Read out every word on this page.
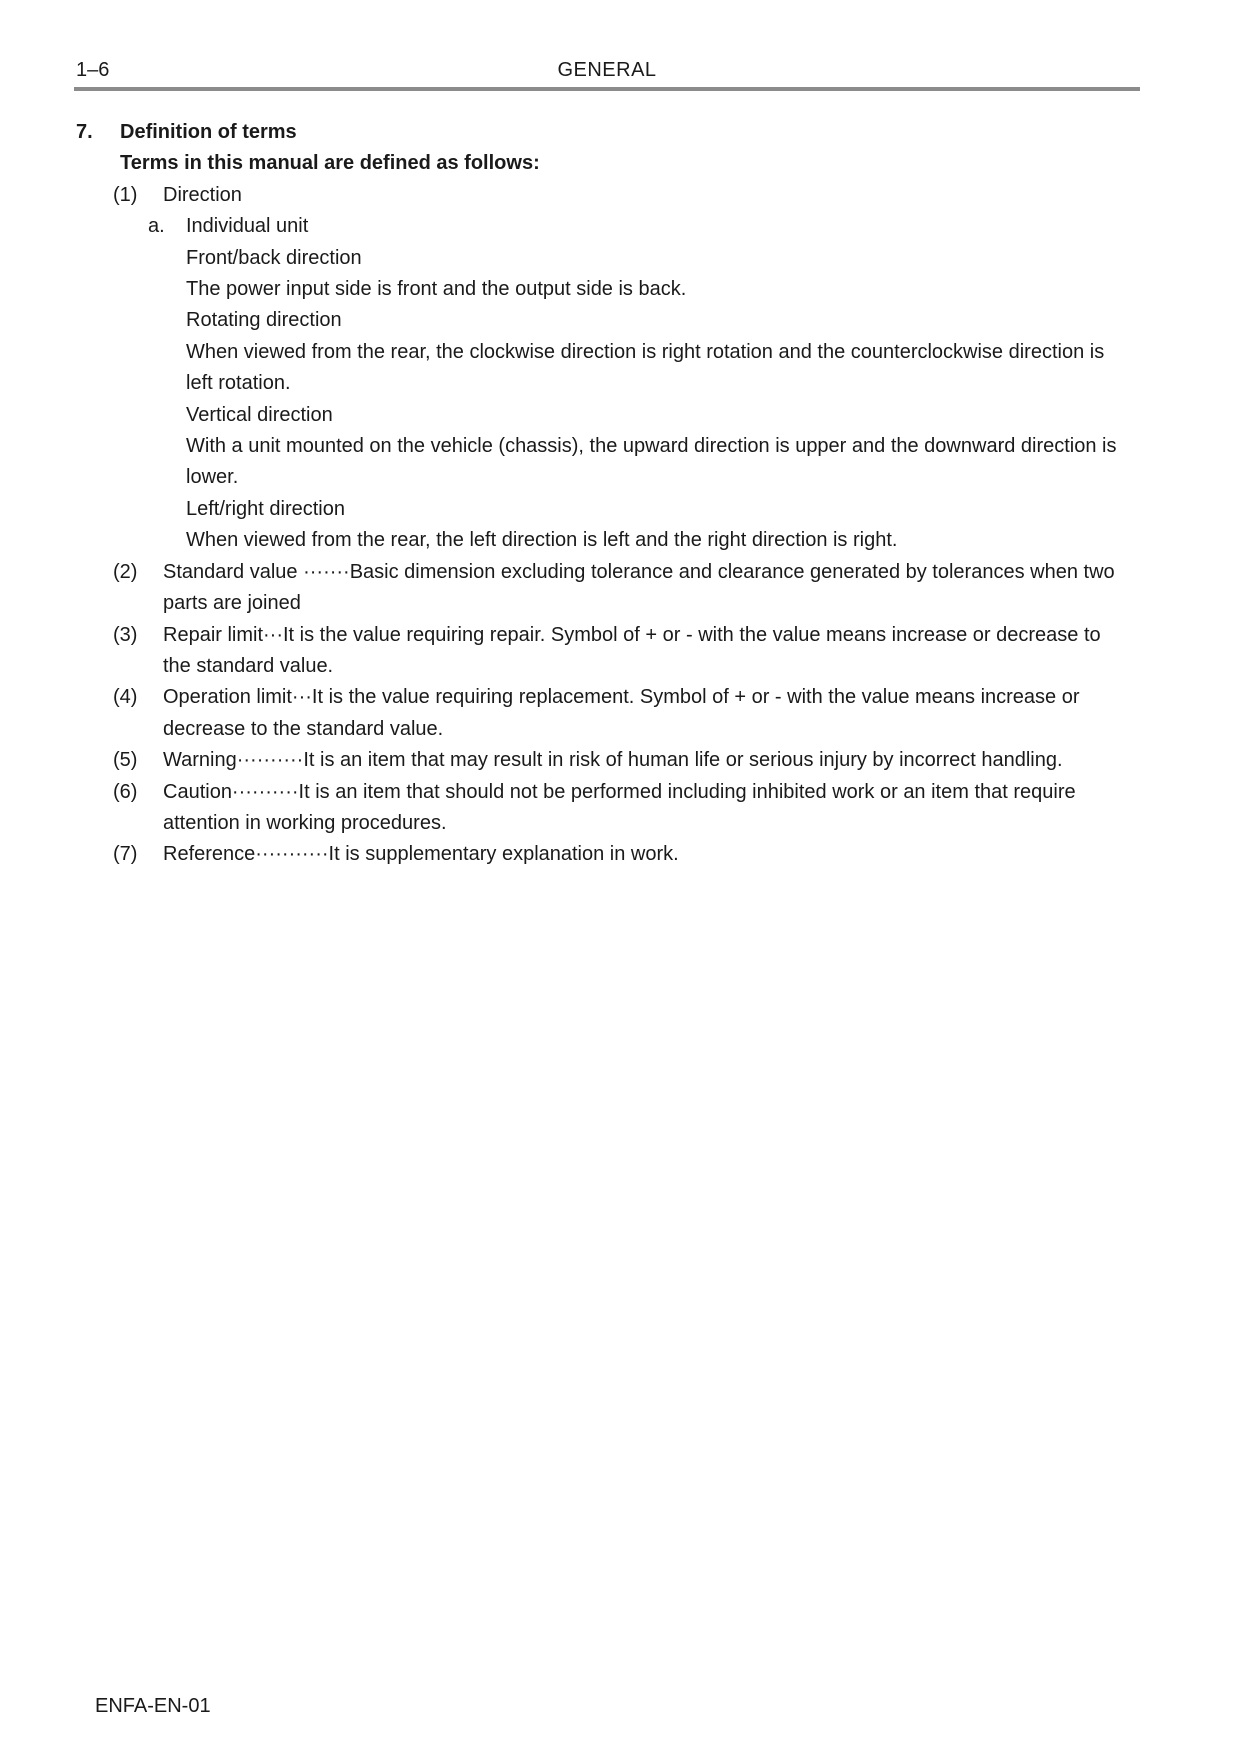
1–6	GENERAL
7. Definition of terms
Terms in this manual are defined as follows:
(1) Direction
a. Individual unit
Front/back direction
The power input side is front and the output side is back.
Rotating direction
When viewed from the rear, the clockwise direction is right rotation and the counterclockwise direction is
left rotation.
Vertical direction
With a unit mounted on the vehicle (chassis), the upward direction is upper and the downward direction is
lower.
Left/right direction
When viewed from the rear, the left direction is left and the right direction is right.
(2) Standard value ·······Basic dimension excluding tolerance and clearance generated by tolerances when two
parts are joined
(3) Repair limit···It is the value requiring repair. Symbol of + or - with the value means increase or decrease to
the standard value.
(4) Operation limit···It is the value requiring replacement. Symbol of + or - with the value means increase or
decrease to the standard value.
(5) Warning··········It is an item that may result in risk of human life or serious injury by incorrect handling.
(6) Caution··········It is an item that should not be performed including inhibited work or an item that require
attention in working procedures.
(7) Reference···········It is supplementary explanation in work.
ENFA-EN-01
